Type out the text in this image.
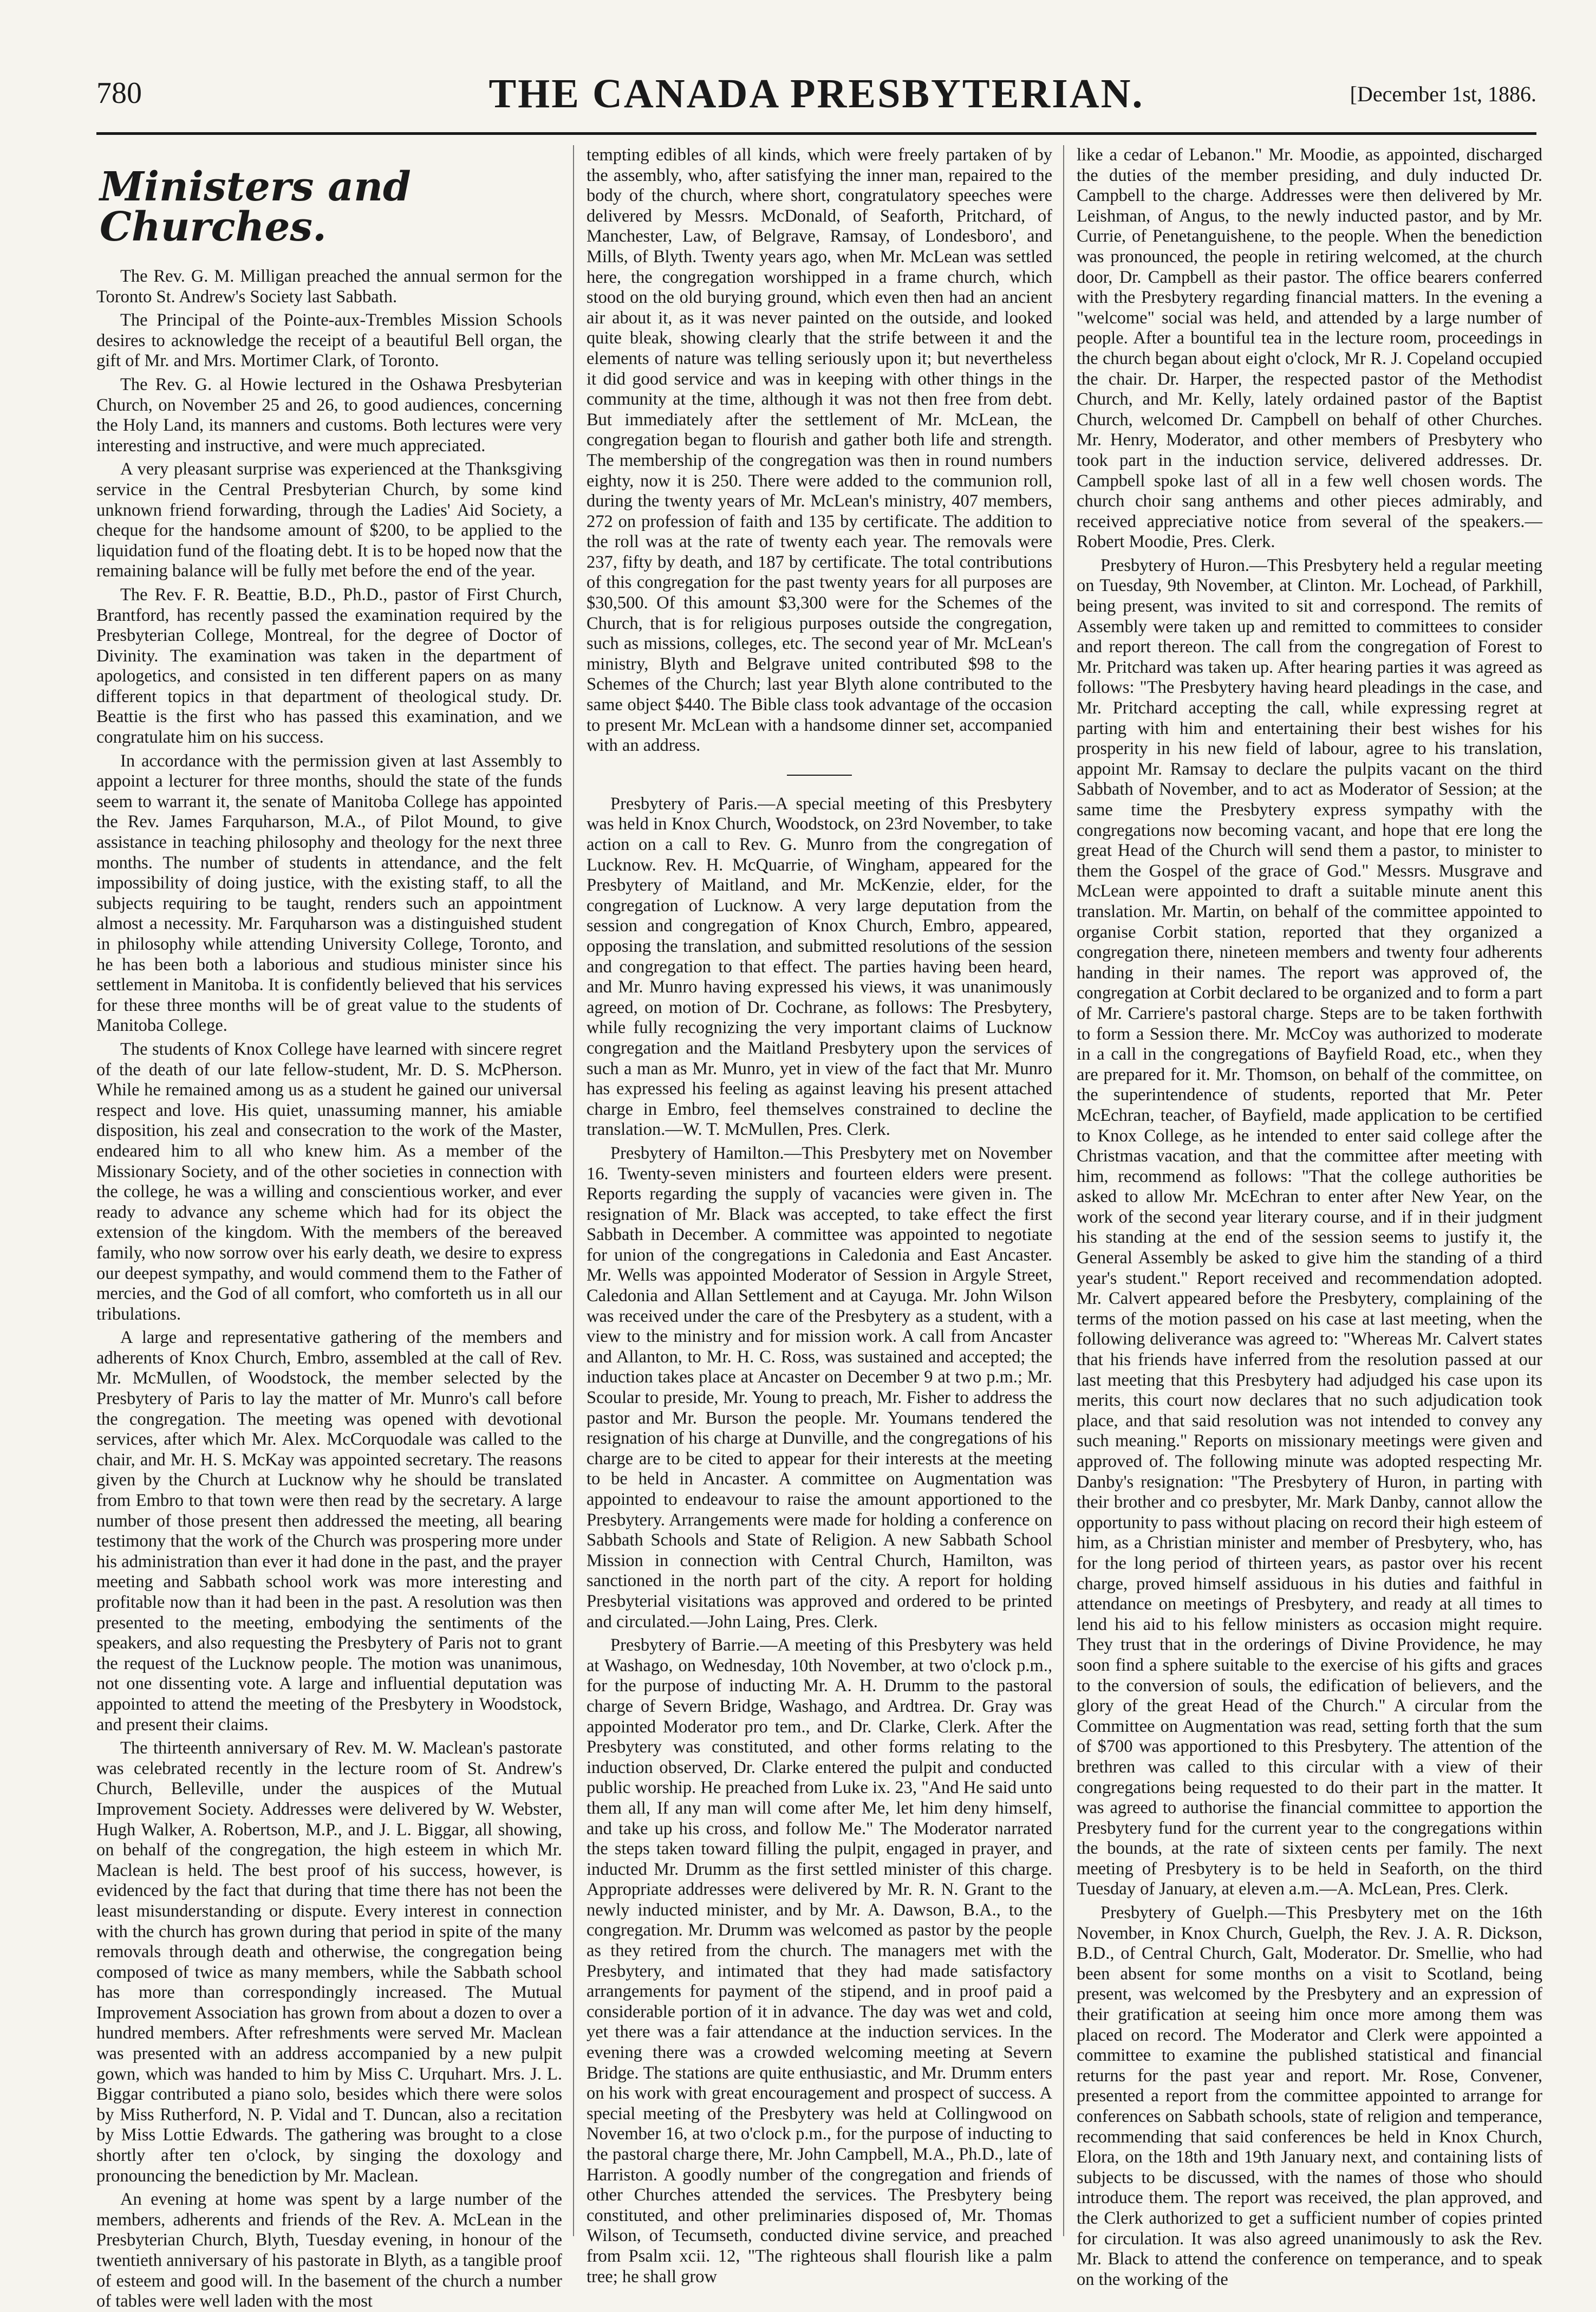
780	THE CANADA PRESBYTERIAN.	[December 1st, 1886.
Ministers and Churches.

The Rev. G. M. Milligan preached the annual sermon for the Toronto St. Andrew's Society last Sabbath.

The Principal of the Pointe-aux-Trembles Mission Schools desires to acknowledge the receipt of a beautiful Bell organ, the gift of Mr. and Mrs. Mortimer Clark, of Toronto.

The Rev. G. al Howie lectured in the Oshawa Presbyterian Church, on November 25 and 26, to good audiences, concerning the Holy Land, its manners and customs. Both lectures were very interesting and instructive, and were much appreciated.

A very pleasant surprise was experienced at the Thanksgiving service in the Central Presbyterian Church, by some kind unknown friend forwarding, through the Ladies' Aid Society, a cheque for the handsome amount of $200, to be applied to the liquidation fund of the floating debt. It is to be hoped now that the remaining balance will be fully met before the end of the year.

The Rev. F. R. Beattie, B.D., Ph.D., pastor of First Church, Brantford, has recently passed the examination required by the Presbyterian College, Montreal, for the degree of Doctor of Divinity. The examination was taken in the department of apologetics, and consisted in ten different papers on as many different topics in that department of theological study. Dr. Beattie is the first who has passed this examination, and we congratulate him on his success.

In accordance with the permission given at last Assembly to appoint a lecturer for three months, should the state of the funds seem to warrant it, the senate of Manitoba College has appointed the Rev. James Farquharson, M.A., of Pilot Mound, to give assistance in teaching philosophy and theology for the next three months. The number of students in attendance, and the felt impossibility of doing justice, with the existing staff, to all the subjects requiring to be taught, renders such an appointment almost a necessity. Mr. Farquharson was a distinguished student in philosophy while attending University College, Toronto, and he has been both a laborious and studious minister since his settlement in Manitoba. It is confidently believed that his services for these three months will be of great value to the students of Manitoba College.

The students of Knox College have learned with sincere regret of the death of our late fellow-student, Mr. D. S. McPherson. While he remained among us as a student he gained our universal respect and love. His quiet, unassuming manner, his amiable disposition, his zeal and consecration to the work of the Master, endeared him to all who knew him. As a member of the Missionary Society, and of the other societies in connection with the college, he was a willing and conscientious worker, and ever ready to advance any scheme which had for its object the extension of the kingdom. With the members of the bereaved family, who now sorrow over his early death, we desire to express our deepest sympathy, and would commend them to the Father of mercies, and the God of all comfort, who comforteth us in all our tribulations.

A large and representative gathering of the members and adherents of Knox Church, Embro, assembled at the call of Rev. Mr. McMullen, of Woodstock, the member selected by the Presbytery of Paris to lay the matter of Mr. Munro's call before the congregation. The meeting was opened with devotional services, after which Mr. Alex. McCorquodale was called to the chair, and Mr. H. S. McKay was appointed secretary. The reasons given by the Church at Lucknow why he should be translated from Embro to that town were then read by the secretary. A large number of those present then addressed the meeting, all bearing testimony that the work of the Church was prospering more under his administration than ever it had done in the past, and the prayer meeting and Sabbath school work was more interesting and profitable now than it had been in the past. A resolution was then presented to the meeting, embodying the sentiments of the speakers, and also requesting the Presbytery of Paris not to grant the request of the Lucknow people. The motion was unanimous, not one dissenting vote. A large and influential deputation was appointed to attend the meeting of the Presbytery in Woodstock, and present their claims.

The thirteenth anniversary of Rev. M. W. Maclean's pastorate was celebrated recently in the lecture room of St. Andrew's Church, Belleville, under the auspices of the Mutual Improvement Society. Addresses were delivered by W. Webster, Hugh Walker, A. Robertson, M.P., and J. L. Biggar, all showing, on behalf of the congregation, the high esteem in which Mr. Maclean is held. The best proof of his success, however, is evidenced by the fact that during that time there has not been the least misunderstanding or dispute. Every interest in connection with the church has grown during that period in spite of the many removals through death and otherwise, the congregation being composed of twice as many members, while the Sabbath school has more than correspondingly increased. The Mutual Improvement Association has grown from about a dozen to over a hundred members. After refreshments were served Mr. Maclean was presented with an address accompanied by a new pulpit gown, which was handed to him by Miss C. Urquhart. Mrs. J. L. Biggar contributed a piano solo, besides which there were solos by Miss Rutherford, N. P. Vidal and T. Duncan, also a recitation by Miss Lottie Edwards. The gathering was brought to a close shortly after ten o'clock, by singing the doxology and pronouncing the benediction by Mr. Maclean.

An evening at home was spent by a large number of the members, adherents and friends of the Rev. A. McLean in the Presbyterian Church, Blyth, Tuesday evening, in honour of the twentieth anniversary of his pastorate in Blyth, as a tangible proof of esteem and good will. In the basement of the church a number of tables were well laden with the most

tempting edibles of all kinds, which were freely partaken of by the assembly, who, after satisfying the inner man, repaired to the body of the church, where short, congratulatory speeches were delivered by Messrs. McDonald, of Seaforth, Pritchard, of Manchester, Law, of Belgrave, Ramsay, of Londesborо', and Mills, of Blyth. Twenty years ago, when Mr. McLean was settled here, the congregation worshipped in a frame church, which stood on the old burying ground, which even then had an ancient air about it, as it was never painted on the outside, and looked quite bleak, showing clearly that the strife between it and the elements of nature was telling seriously upon it; but nevertheless it did good service and was in keeping with other things in the community at the time, although it was not then free from debt. But immediately after the settlement of Mr. McLean, the congregation began to flourish and gather both life and strength. The membership of the congregation was then in round numbers eighty, now it is 250. There were added to the communion roll, during the twenty years of Mr. McLean's ministry, 407 members, 272 on profession of faith and 135 by certificate. The addition to the roll was at the rate of twenty each year. The removals were 237, fifty by death, and 187 by certificate. The total contributions of this congregation for the past twenty years for all purposes are $30,500. Of this amount $3,300 were for the Schemes of the Church, that is for religious purposes outside the congregation, such as missions, colleges, etc. The second year of Mr. McLean's ministry, Blyth and Belgrave united contributed $98 to the Schemes of the Church; last year Blyth alone contributed to the same object $440. The Bible class took advantage of the occasion to present Mr. McLean with a handsome dinner set, accompanied with an address.

Presbytery of Paris.—A special meeting of this Presbytery was held in Knox Church, Woodstock, on 23rd November, to take action on a call to Rev. G. Munro from the congregation of Lucknow. Rev. H. McQuarrie, of Wingham, appeared for the Presbytery of Maitland, and Mr. McKenzie, elder, for the congregation of Lucknow. A very large deputation from the session and congregation of Knox Church, Embro, appeared, opposing the translation, and submitted resolutions of the session and congregation to that effect. The parties having been heard, and Mr. Munro having expressed his views, it was unanimously agreed, on motion of Dr. Cochrane, as follows: The Presbytery, while fully recognizing the very important claims of Lucknow congregation and the Maitland Presbytery upon the services of such a man as Mr. Munro, yet in view of the fact that Mr. Munro has expressed his feeling as against leaving his present attached charge in Embro, feel themselves constrained to decline the translation.—W. T. McMullen, Pres. Clerk.

Presbytery of Hamilton.—This Presbytery met on November 16. Twenty-seven ministers and fourteen elders were present. Reports regarding the supply of vacancies were given in. The resignation of Mr. Black was accepted, to take effect the first Sabbath in December. A committee was appointed to negotiate for union of the congregations in Caledonia and East Ancaster. Mr. Wells was appointed Moderator of Session in Argyle Street, Caledonia and Allan Settlement and at Cayuga. Mr. John Wilson was received under the care of the Presbytery as a student, with a view to the ministry and for mission work. A call from Ancaster and Allanton, to Mr. H. C. Ross, was sustained and accepted; the induction takes place at Ancaster on December 9 at two p.m.; Mr. Scoular to preside, Mr. Young to preach, Mr. Fisher to address the pastor and Mr. Burson the people. Mr. Youmans tendered the resignation of his charge at Dunville, and the congregations of his charge are to be cited to appear for their interests at the meeting to be held in Ancaster. A committee on Augmentation was appointed to endeavour to raise the amount apportioned to the Presbytery. Arrangements were made for holding a conference on Sabbath Schools and State of Religion. A new Sabbath School Mission in connection with Central Church, Hamilton, was sanctioned in the north part of the city. A report for holding Presbyterial visitations was approved and ordered to be printed and circulated.—John Laing, Pres. Clerk.

Presbytery of Barrie.—A meeting of this Presbytery was held at Washago, on Wednesday, 10th November, at two o'clock p.m., for the purpose of inducting Mr. A. H. Drumm to the pastoral charge of Severn Bridge, Washago, and Ardtrea. Dr. Gray was appointed Moderator pro tem., and Dr. Clarke, Clerk. After the Presbytery was constituted, and other forms relating to the induction observed, Dr. Clarke entered the pulpit and conducted public worship. He preached from Luke ix. 23, "And He said unto them all, If any man will come after Me, let him deny himself, and take up his cross, and follow Me." The Moderator narrated the steps taken toward filling the pulpit, engaged in prayer, and inducted Mr. Drumm as the first settled minister of this charge. Appropriate addresses were delivered by Mr. R. N. Grant to the newly inducted minister, and by Mr. A. Dawson, B.A., to the congregation. Mr. Drumm was welcomed as pastor by the people as they retired from the church. The managers met with the Presbytery, and intimated that they had made satisfactory arrangements for payment of the stipend, and in proof paid a considerable portion of it in advance. The day was wet and cold, yet there was a fair attendance at the induction services. In the evening there was a crowded welcoming meeting at Severn Bridge. The stations are quite enthusiastic, and Mr. Drumm enters on his work with great encouragement and prospect of success. A special meeting of the Presbytery was held at Collingwood on November 16, at two o'clock p.m., for the purpose of inducting to the pastoral charge there, Mr. John Campbell, M.A., Ph.D., late of Harriston. A goodly number of the congregation and friends of other Churches attended the services. The Presbytery being constituted, and other preliminaries disposed of, Mr. Thomas Wilson, of Tecumseth, conducted divine service, and preached from Psalm xcii. 12, "The righteous shall flourish like a palm tree; he shall grow

like a cedar of Lebanon." Mr. Moodie, as appointed, discharged the duties of the member presiding, and duly inducted Dr. Campbell to the charge. Addresses were then delivered by Mr. Leishman, of Angus, to the newly inducted pastor, and by Mr. Currie, of Penetanguishene, to the people. When the benediction was pronounced, the people in retiring welcomed, at the church door, Dr. Campbell as their pastor. The office bearers conferred with the Presbytery regarding financial matters. In the evening a "welcome" social was held, and attended by a large number of people. After a bountiful tea in the lecture room, proceedings in the church began about eight o'clock, Mr R. J. Copeland occupied the chair. Dr. Harper, the respected pastor of the Methodist Church, and Mr. Kelly, lately ordained pastor of the Baptist Church, welcomed Dr. Campbell on behalf of other Churches. Mr. Henry, Moderator, and other members of Presbytery who took part in the induction service, delivered addresses. Dr. Campbell spoke last of all in a few well chosen words. The church choir sang anthems and other pieces admirably, and received appreciative notice from several of the speakers.—Robert Moodie, Pres. Clerk.

Presbytery of Huron.—This Presbytery held a regular meeting on Tuesday, 9th November, at Clinton. Mr. Lochead, of Parkhill, being present, was invited to sit and correspond. The remits of Assembly were taken up and remitted to committees to consider and report thereon. The call from the congregation of Forest to Mr. Pritchard was taken up. After hearing parties it was agreed as follows: "The Presbytery having heard pleadings in the case, and Mr. Pritchard accepting the call, while expressing regret at parting with him and entertaining their best wishes for his prosperity in his new field of labour, agree to his translation, appoint Mr. Ramsay to declare the pulpits vacant on the third Sabbath of November, and to act as Moderator of Session; at the same time the Presbytery express sympathy with the congregations now becoming vacant, and hope that ere long the great Head of the Church will send them a pastor, to minister to them the Gospel of the grace of God." Messrs. Musgrave and McLean were appointed to draft a suitable minute anent this translation. Mr. Martin, on behalf of the committee appointed to organise Corbit station, reported that they organized a congregation there, nineteen members and twenty four adherents handing in their names. The report was approved of, the congregation at Corbit declared to be organized and to form a part of Mr. Carriere's pastoral charge. Steps are to be taken forthwith to form a Session there. Mr. McCoy was authorized to moderate in a call in the congregations of Bayfield Road, etc., when they are prepared for it. Mr. Thomson, on behalf of the committee, on the superintendence of students, reported that Mr. Peter McEchran, teacher, of Bayfield, made application to be certified to Knox College, as he intended to enter said college after the Christmas vacation, and that the committee after meeting with him, recommend as follows: "That the college authorities be asked to allow Mr. McEchran to enter after New Year, on the work of the second year literary course, and if in their judgment his standing at the end of the session seems to justify it, the General Assembly be asked to give him the standing of a third year's student." Report received and recommendation adopted. Mr. Calvert appeared before the Presbytery, complaining of the terms of the motion passed on his case at last meeting, when the following deliverance was agreed to: "Whereas Mr. Calvert states that his friends have inferred from the resolution passed at our last meeting that this Presbytery had adjudged his case upon its merits, this court now declares that no such adjudication took place, and that said resolution was not intended to convey any such meaning." Reports on missionary meetings were given and approved of. The following minute was adopted respecting Mr. Danby's resignation: "The Presbytery of Huron, in parting with their brother and co presbyter, Mr. Mark Danby, cannot allow the opportunity to pass without placing on record their high esteem of him, as a Christian minister and member of Presbytery, who, has for the long period of thirteen years, as pastor over his recent charge, proved himself assiduous in his duties and faithful in attendance on meetings of Presbytery, and ready at all times to lend his aid to his fellow ministers as occasion might require. They trust that in the orderings of Divine Providence, he may soon find a sphere suitable to the exercise of his gifts and graces to the conversion of souls, the edification of believers, and the glory of the great Head of the Church." A circular from the Committee on Augmentation was read, setting forth that the sum of $700 was apportioned to this Presbytery. The attention of the brethren was called to this circular with a view of their congregations being requested to do their part in the matter. It was agreed to authorise the financial committee to apportion the Presbytery fund for the current year to the congregations within the bounds, at the rate of sixteen cents per family. The next meeting of Presbytery is to be held in Seaforth, on the third Tuesday of January, at eleven a.m.—A. McLean, Pres. Clerk.

Presbytery of Guelph.—This Presbytery met on the 16th November, in Knox Church, Guelph, the Rev. J. A. R. Dickson, B.D., of Central Church, Galt, Moderator. Dr. Smellie, who had been absent for some months on a visit to Scotland, being present, was welcomed by the Presbytery and an expression of their gratification at seeing him once more among them was placed on record. The Moderator and Clerk were appointed a committee to examine the published statistical and financial returns for the past year and report. Mr. Rose, Convener, presented a report from the committee appointed to arrange for conferences on Sabbath schools, state of religion and temperance, recommending that said conferences be held in Knox Church, Elora, on the 18th and 19th January next, and containing lists of subjects to be discussed, with the names of those who should introduce them. The report was received, the plan approved, and the Clerk authorized to get a sufficient number of copies printed for circulation. It was also agreed unanimously to ask the Rev. Mr. Black to attend the conference on temperance, and to speak on the working of the
